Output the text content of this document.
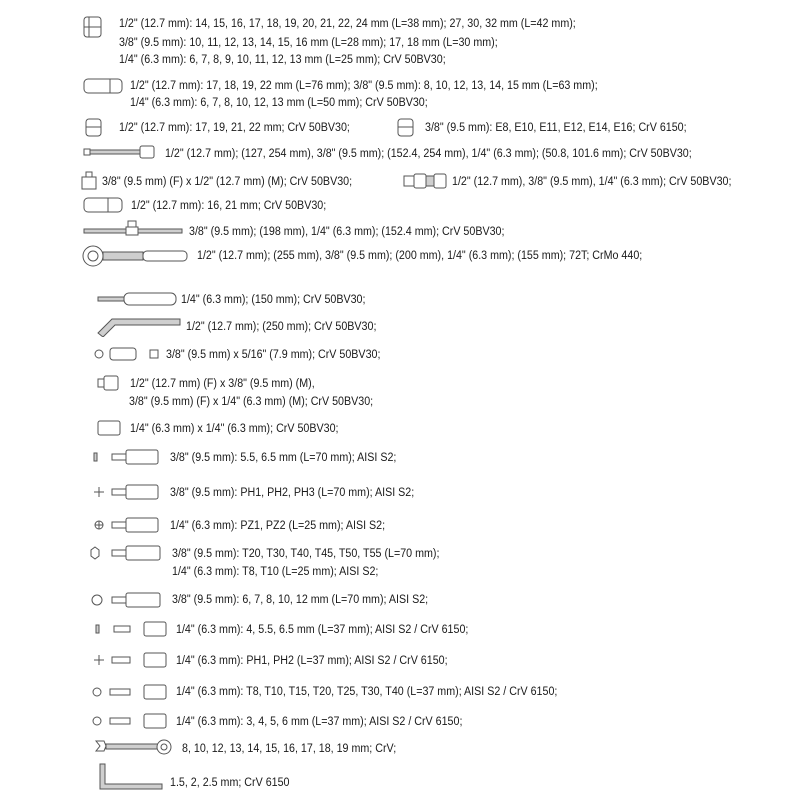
1/2" (12.7 mm): 14, 15, 16, 17, 18, 19, 20, 21, 22, 24 mm (L=38 mm); 27, 30, 32 mm (L=42 mm);
3/8" (9.5 mm): 10, 11, 12, 13, 14, 15, 16 mm (L=28 mm); 17, 18 mm (L=30 mm);
1/4" (6.3 mm): 6, 7, 8, 9, 10, 11, 12, 13 mm (L=25 mm); CrV 50BV30;
1/2" (12.7 mm): 17, 18, 19, 22 mm (L=76 mm); 3/8" (9.5 mm): 8, 10, 12, 13, 14, 15 mm (L=63 mm);
1/4" (6.3 mm): 6, 7, 8, 10, 12, 13 mm (L=50 mm); CrV 50BV30;
1/2" (12.7 mm): 17, 19, 21, 22 mm; CrV 50BV30;	3/8" (9.5 mm): E8, E10, E11, E12, E14, E16; CrV 6150;
1/2" (12.7 mm); (127, 254 mm), 3/8" (9.5 mm); (152.4, 254 mm), 1/4" (6.3 mm); (50.8, 101.6 mm); CrV 50BV30;
3/8" (9.5 mm) (F) x 1/2" (12.7 mm) (M); CrV 50BV30;	1/2" (12.7 mm), 3/8" (9.5 mm), 1/4" (6.3 mm); CrV 50BV30;
1/2" (12.7 mm): 16, 21 mm; CrV 50BV30;
3/8" (9.5 mm); (198 mm), 1/4" (6.3 mm); (152.4 mm); CrV 50BV30;
1/2" (12.7 mm); (255 mm), 3/8" (9.5 mm); (200 mm), 1/4" (6.3 mm); (155 mm); 72T; CrMo 440;
1/4" (6.3 mm); (150 mm); CrV 50BV30;
1/2" (12.7 mm); (250 mm); CrV 50BV30;
3/8" (9.5 mm) x 5/16" (7.9 mm); CrV 50BV30;
1/2" (12.7 mm) (F) x 3/8" (9.5 mm) (M),
3/8" (9.5 mm) (F) x 1/4" (6.3 mm) (M); CrV 50BV30;
1/4" (6.3 mm) x 1/4" (6.3 mm); CrV 50BV30;
3/8" (9.5 mm): 5.5, 6.5 mm (L=70 mm); AISI S2;
3/8" (9.5 mm): PH1, PH2, PH3 (L=70 mm); AISI S2;
1/4" (6.3 mm): PZ1, PZ2 (L=25 mm); AISI S2;
3/8" (9.5 mm): T20, T30, T40, T45, T50, T55 (L=70 mm);
1/4" (6.3 mm): T8, T10 (L=25 mm); AISI S2;
3/8" (9.5 mm): 6, 7, 8, 10, 12 mm (L=70 mm); AISI S2;
1/4" (6.3 mm): 4, 5.5, 6.5 mm (L=37 mm); AISI S2 / CrV 6150;
1/4" (6.3 mm): PH1, PH2 (L=37 mm); AISI S2 / CrV 6150;
1/4" (6.3 mm): T8, T10, T15, T20, T25, T30, T40 (L=37 mm); AISI S2 / CrV 6150;
1/4" (6.3 mm): 3, 4, 5, 6 mm (L=37 mm); AISI S2 / CrV 6150;
8, 10, 12, 13, 14, 15, 16, 17, 18, 19 mm; CrV;
1.5, 2, 2.5 mm; CrV 6150
